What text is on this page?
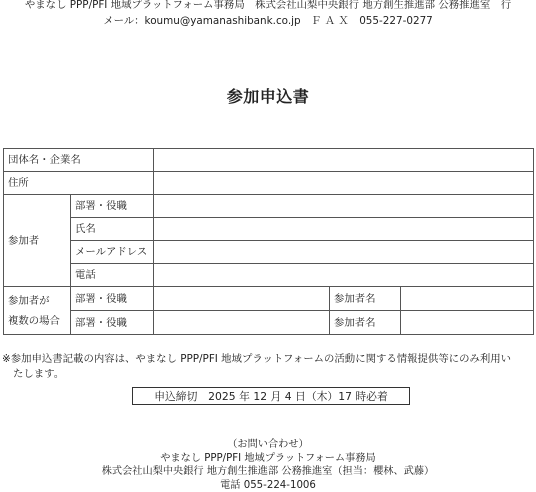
やまなし PPP/PFI 地域プラットフォーム事務局　株式会社山梨中央銀行 地方創生推進部 公務推進室　行
メール：koumu@yamanashibank.co.jp　Ｆ Ａ Ｘ　055-227-0277
参加申込書
団体名・企業名				
住所				
参加者	部署・役職			
	氏名			
	メールアドレス			
	電話			

参加者が
複数の場合	部署・役職		参加者名	
	部署・役職		参加者名	
※参加申込書記載の内容は、やまなし PPP/PFI 地域プラットフォームの活動に関する情報提供等にのみ利用い
たします。
申込締切　2025 年 12 月 4 日（木）17 時必着
（お問い合わせ）
やまなし PPP/PFI 地域プラットフォーム事務局
株式会社山梨中央銀行 地方創生推進部 公務推進室（担当：櫻林、武藤）
電話 055-224-1006
